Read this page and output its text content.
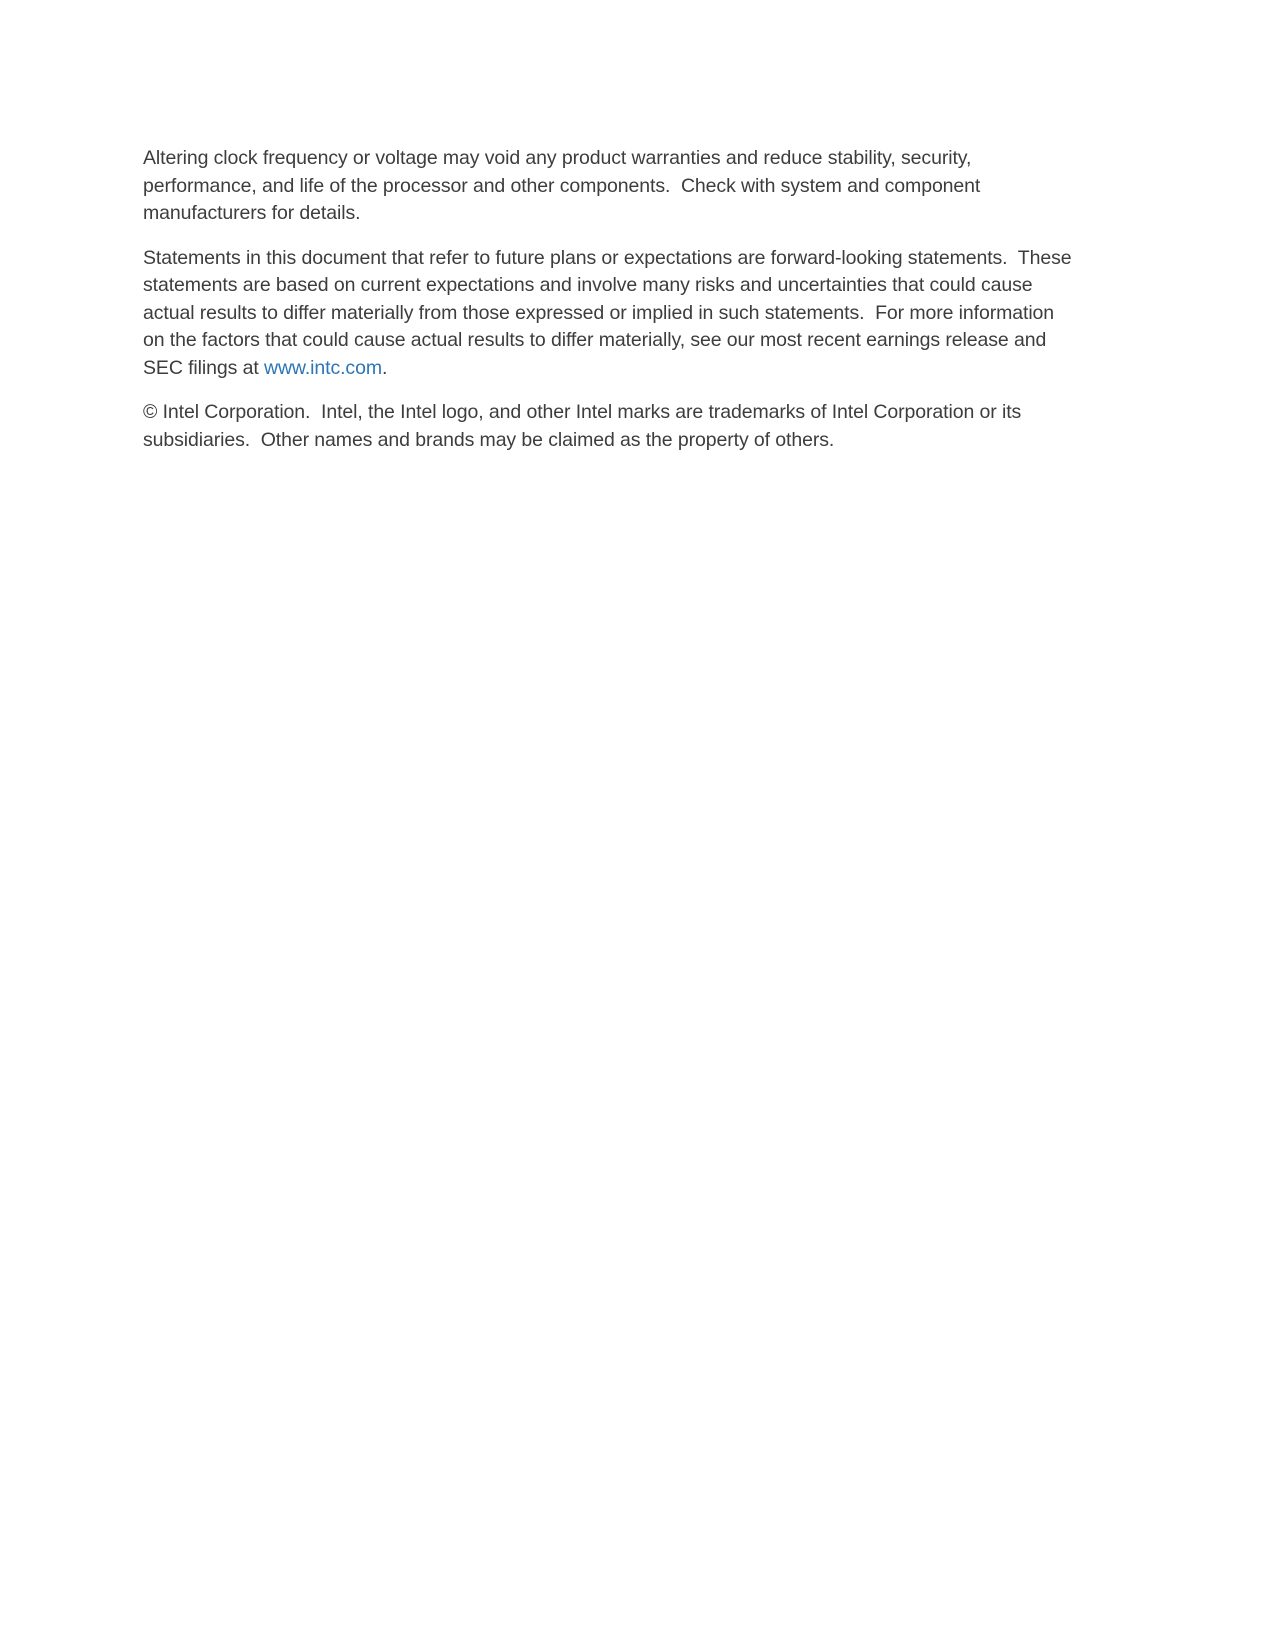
Altering clock frequency or voltage may void any product warranties and reduce stability, security, performance, and life of the processor and other components.  Check with system and component manufacturers for details.

Statements in this document that refer to future plans or expectations are forward-looking statements.  These statements are based on current expectations and involve many risks and uncertainties that could cause actual results to differ materially from those expressed or implied in such statements.  For more information on the factors that could cause actual results to differ materially, see our most recent earnings release and SEC filings at www.intc.com.

© Intel Corporation.  Intel, the Intel logo, and other Intel marks are trademarks of Intel Corporation or its subsidiaries.  Other names and brands may be claimed as the property of others.
